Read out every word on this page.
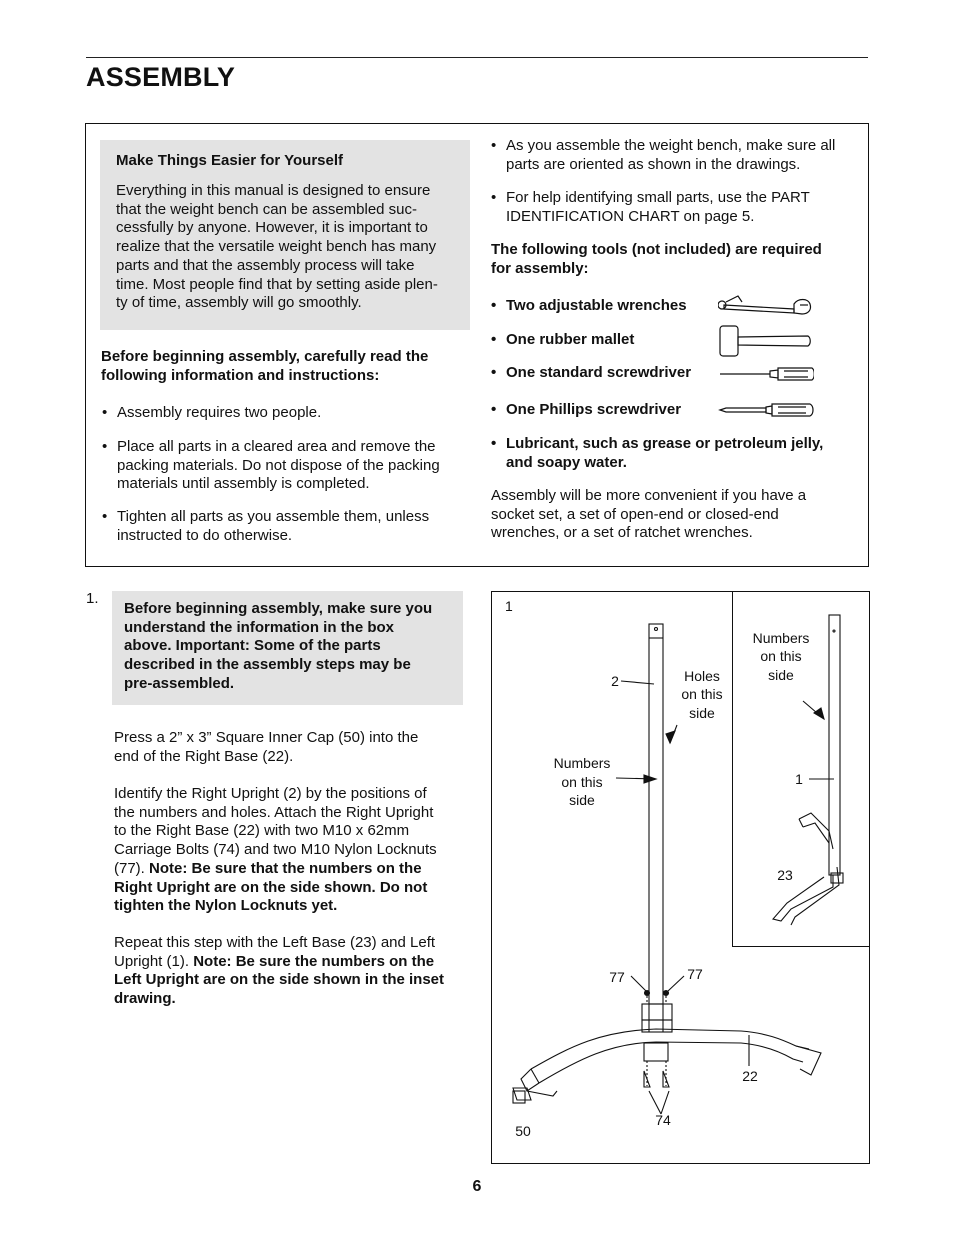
ASSEMBLY
Make Things Easier for Yourself
Everything in this manual is designed to ensure
that the weight bench can be assembled suc-
cessfully by anyone. However, it is important to
realize that the versatile weight bench has many
parts and that the assembly process will take
time. Most people find that by setting aside plen-
ty of time, assembly will go smoothly.
Before beginning assembly, carefully read the
following information and instructions:
• Assembly requires two people.
• Place all parts in a cleared area and remove the
packing materials. Do not dispose of the packing
materials until assembly is completed.
• Tighten all parts as you assemble them, unless
instructed to do otherwise.
• As you assemble the weight bench, make sure all
parts are oriented as shown in the drawings.
• For help identifying small parts, use the PART
IDENTIFICATION CHART on page 5.
The following tools (not included) are required
for assembly:
• Two adjustable wrenches
• One rubber mallet
• One standard screwdriver
• One Phillips screwdriver
• Lubricant, such as grease or petroleum jelly,
and soapy water.
Assembly will be more convenient if you have a
socket set, a set of open-end or closed-end
wrenches, or a set of ratchet wrenches.
1.
Before beginning assembly, make sure you
understand the information in the box
above. Important: Some of the parts
described in the assembly steps may be
pre-assembled.
Press a 2” x 3” Square Inner Cap (50) into the
end of the Right Base (22).
Identify the Right Upright (2) by the positions of
the numbers and holes. Attach the Right Upright
to the Right Base (22) with two M10 x 62mm
Carriage Bolts (74) and two M10 Nylon Locknuts
(77). Note: Be sure that the numbers on the
Right Upright are on the side shown. Do not
tighten the Nylon Locknuts yet.
Repeat this step with the Left Base (23) and Left
Upright (1). Note: Be sure the numbers on the
Left Upright are on the side shown in the inset
drawing.
1
2	Holes
on this
side
Numbers
on this
side
Numbers
on this
side
1
23
77	77
22
74
50
6
